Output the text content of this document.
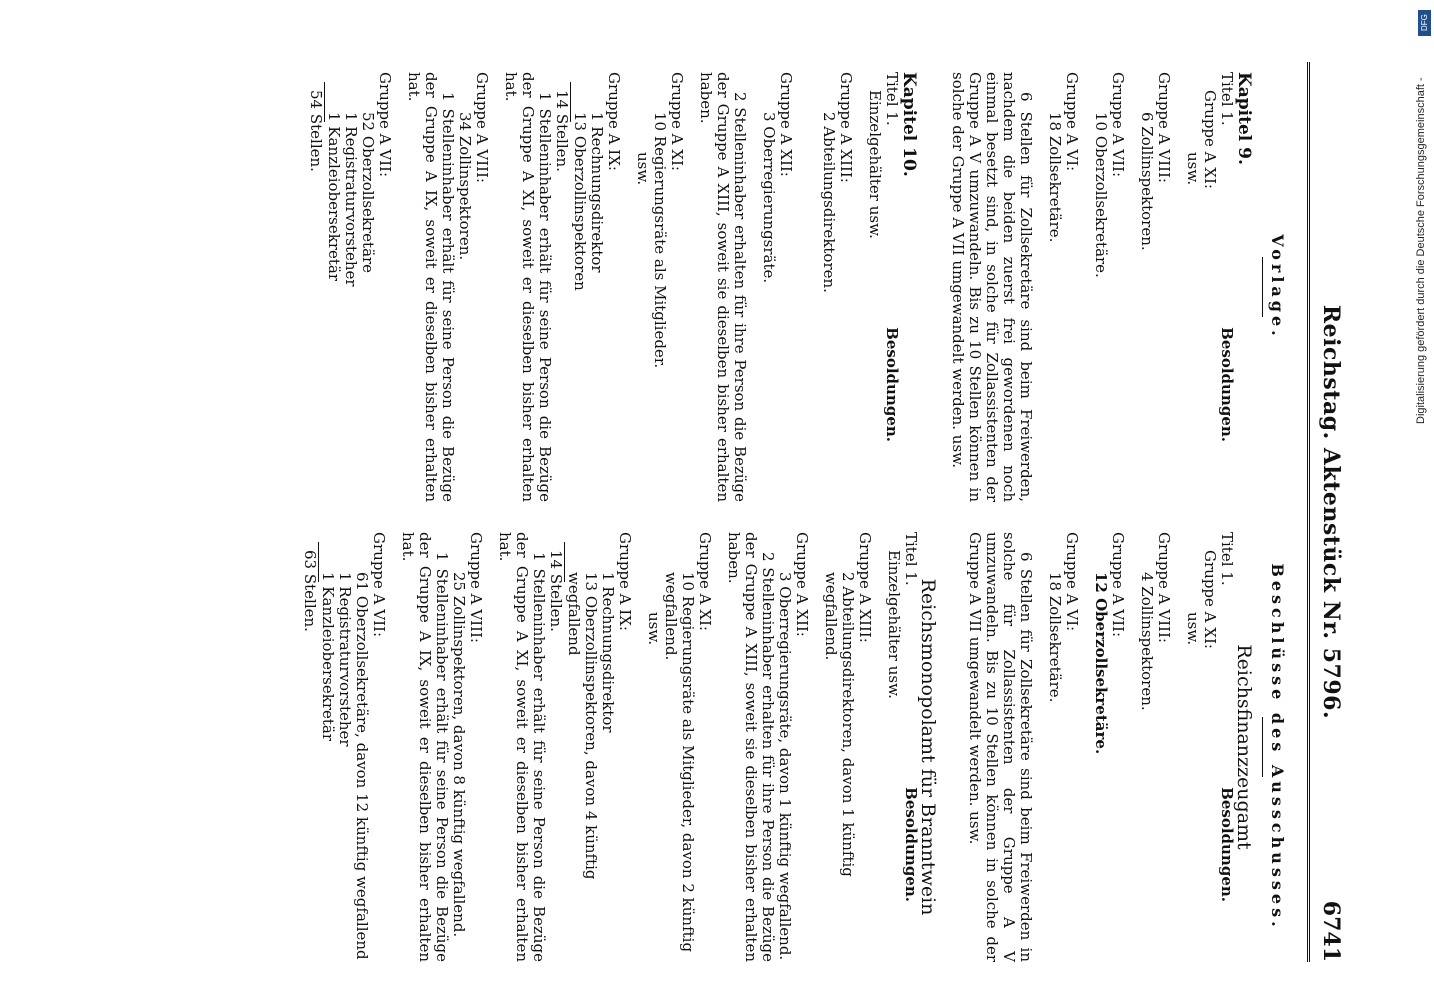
Reichstag. Aktenstück Nr. 5796.
6741
Vorlage.
Kapitel 9.
Titel 1.
Besoldungen.
Gruppe A XI:
usw.
Gruppe A VIII:
6 Zollinspektoren.
Gruppe A VII:
10 Oberzollsekretäre.
Gruppe A VI:
18 Zollsekretäre.
6 Stellen für Zollsekretäre sind beim Freiwerden, nachdem die beiden zuerst frei gewordenen noch einmal besetzt sind, in solche für Zollassistenten der Gruppe A V umzuwandeln. Bis zu 10 Stellen können in solche der Gruppe A VII umgewandelt werden. usw.
Kapitel 10.
Titel 1.
Besoldungen.
Einzelgehälter usw.
Gruppe A XIII:
2 Abteilungsdirektoren.
Gruppe A XII:
3 Oberregierungsräte.
2 Stelleninhaber erhalten für ihre Person die Bezüge der Gruppe A XIII, soweit sie dieselben bisher erhalten haben.
Gruppe A XI:
10 Regierungsräte als Mitglieder.
usw.
Gruppe A IX:
1 Rechnungsdirektor
13 Oberzollinspektoren
14 Stellen.
1 Stelleninhaber erhält für seine Person die Bezüge der Gruppe A XI, soweit er dieselben bisher erhalten hat.
Gruppe A VIII:
34 Zollinspektoren.
1 Stelleninhaber erhält für seine Person die Bezüge der Gruppe A IX, soweit er dieselben bisher erhalten hat.
Gruppe A VII:
52 Oberzollsekretäre
1 Registraturvorsteher
1 Kanzleiobersekretär
54 Stellen.
Beschlüsse des Ausschusses.
Reichsfinanzzeugamt
Titel 1.
Besoldungen.
Gruppe A XI:
usw.
Gruppe A VIII:
4 Zollinspektoren.
Gruppe A VII:
12 Oberzollsekretäre.
Gruppe A VI:
18 Zollsekretäre.
6 Stellen für Zollsekretäre sind beim Freiwerden in solche für Zollassistenten der Gruppe A V umzuwandeln. Bis zu 10 Stellen können in solche der Gruppe A VII umgewandelt werden. usw.
Reichsmonopolamt für Branntwein
Titel 1.
Besoldungen.
Einzelgehälter usw.
Gruppe A XIII:
2 Abteilungsdirektoren, davon 1 künftig wegfallend.
Gruppe A XII:
3 Oberregierungsräte, davon 1 künftig wegfallend.
2 Stelleninhaber erhalten für ihre Person die Bezüge der Gruppe A XIII, soweit sie dieselben bisher erhalten haben.
Gruppe A XI:
10 Regierungsräte als Mitglieder, davon 2 künftig wegfallend.
usw.
Gruppe A IX:
1 Rechnungsdirektor
13 Oberzollinspektoren, davon 4 künftig wegfallend
14 Stellen.
1 Stelleninhaber erhält für seine Person die Bezüge der Gruppe A XI, soweit er dieselben bisher erhalten hat.
Gruppe A VIII:
25 Zollinspektoren, davon 8 künftig wegfallend.
1 Stelleninhaber erhält für seine Person die Bezüge der Gruppe A IX, soweit er dieselben bisher erhalten hat.
Gruppe A VII:
61 Oberzollsekretäre, davon 12 künftig wegfallend
1 Registraturvorsteher
1 Kanzleiobersekretär
63 Stellen.
DFG
Digitalisierung gefördert durch die Deutsche Forschungsgemeinschaft -
